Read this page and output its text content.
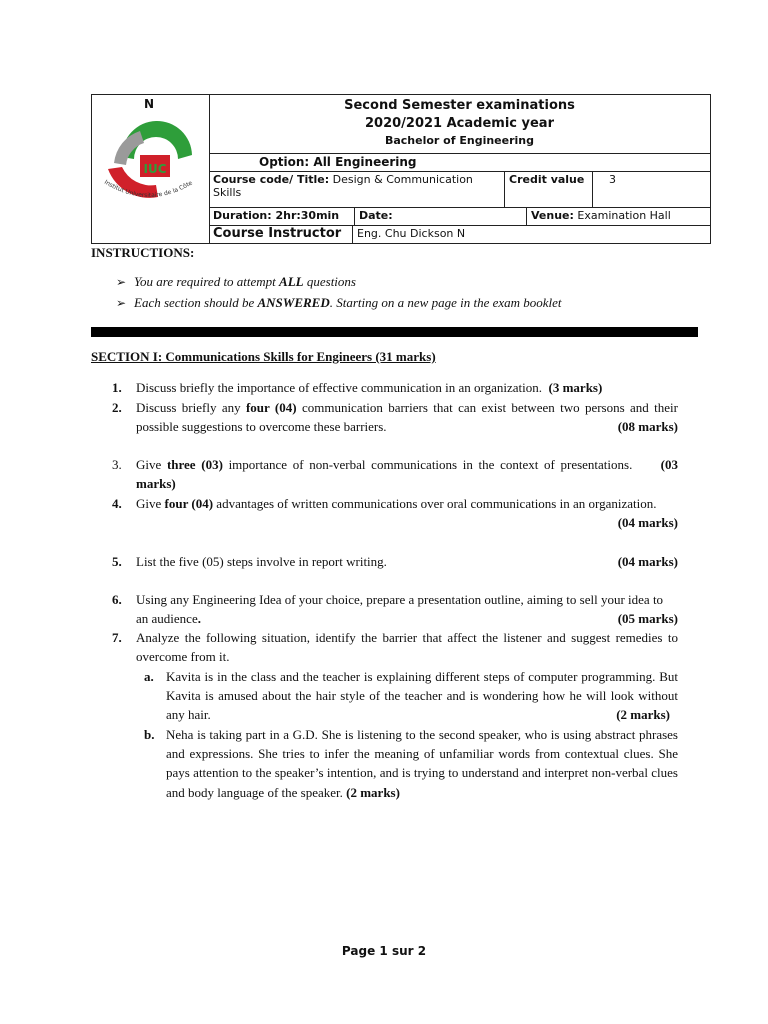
N
IUC
Institut Universitaire de la Côte
Second Semester examinations
2020/2021 Academic year
Bachelor of Engineering
Option: All Engineering
Course code/ Title: Design & Communication Skills
Credit value	3
Duration: 2hr:30min	Date:	Venue: Examination Hall
Course Instructor	Eng. Chu Dickson N
INSTRUCTIONS:
➢ You are required to attempt ALL questions
➢ Each section should be ANSWERED. Starting on a new page in the exam booklet
SECTION I: Communications Skills for Engineers (31 marks)
1.	Discuss briefly the importance of effective communication in an organization. (3 marks)
2.	Discuss briefly any four (04) communication barriers that can exist between two persons and their possible suggestions to overcome these barriers.	(08 marks)
3.	Give three (03) importance of non-verbal communications in the context of presentations. (03 marks)
4.	Give four (04) advantages of written communications over oral communications in an organization.
(04 marks)
5.	List the five (05) steps involve in report writing.	(04 marks)
6.	Using any Engineering Idea of your choice, prepare a presentation outline, aiming to sell your idea to an audience.	(05 marks)
7.	Analyze the following situation, identify the barrier that affect the listener and suggest remedies to overcome from it.
a. Kavita is in the class and the teacher is explaining different steps of computer programming. But Kavita is amused about the hair style of the teacher and is wondering how he will look without any hair.	(2 marks)
b. Neha is taking part in a G.D. She is listening to the second speaker, who is using abstract phrases and expressions. She tries to infer the meaning of unfamiliar words from contextual clues. She pays attention to the speaker’s intention, and is trying to understand and interpret non-verbal clues and body language of the speaker. (2 marks)
Page 1 sur 2
